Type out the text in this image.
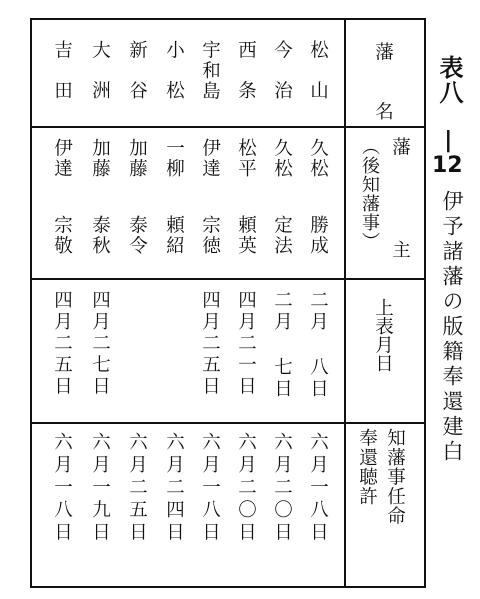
表八
|
12
伊予諸藩の版籍奉還建白
藩 名
藩
（後知藩事） 主
上表月日
知藩事任命
奉還聴許
松山
久松
勝成
二月 八日
六月一八日
今治
久松
定法
二月 七日
六月二〇日
西条
松平
頼英
四月二一日
六月二〇日
宇和島
伊達
宗徳
四月二五日
六月一八日
小松
一柳
頼紹
六月二四日
新谷
加藤
泰令
六月二五日
大洲
加藤
泰秋
四月二七日
六月一九日
吉田
伊達
宗敬
四月二五日
六月一八日
